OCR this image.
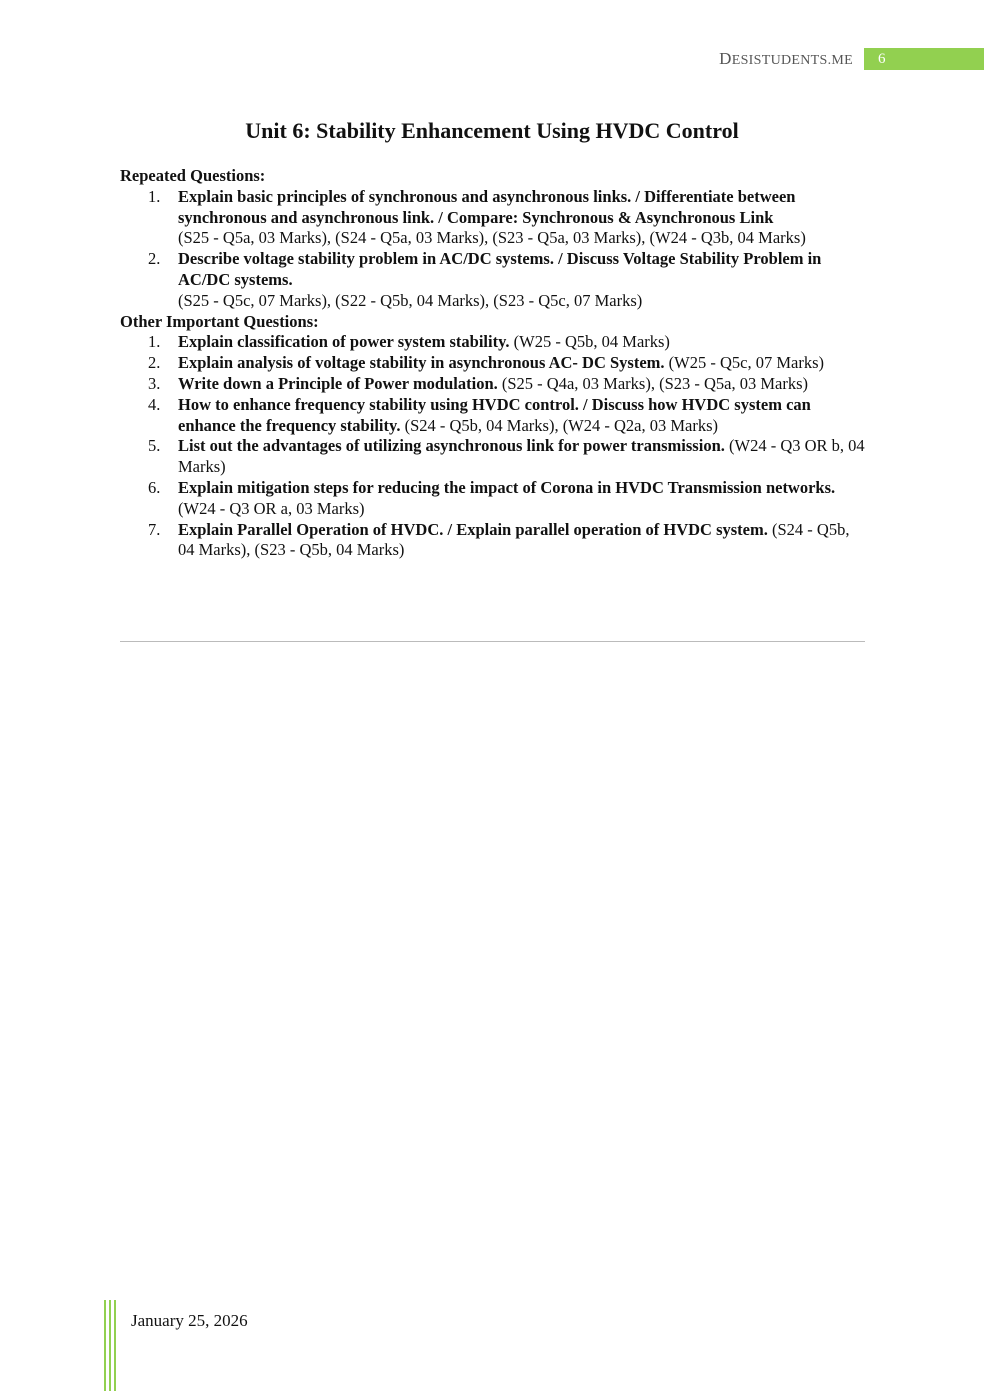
DESISTUDENTS.ME	6
Unit 6: Stability Enhancement Using HVDC Control
Repeated Questions:
1. Explain basic principles of synchronous and asynchronous links. / Differentiate between synchronous and asynchronous link. / Compare: Synchronous & Asynchronous Link
(S25 - Q5a, 03 Marks), (S24 - Q5a, 03 Marks), (S23 - Q5a, 03 Marks), (W24 - Q3b, 04 Marks)
2. Describe voltage stability problem in AC/DC systems. / Discuss Voltage Stability Problem in AC/DC systems.
(S25 - Q5c, 07 Marks), (S22 - Q5b, 04 Marks), (S23 - Q5c, 07 Marks)
Other Important Questions:
1. Explain classification of power system stability. (W25 - Q5b, 04 Marks)
2. Explain analysis of voltage stability in asynchronous AC- DC System. (W25 - Q5c, 07 Marks)
3. Write down a Principle of Power modulation. (S25 - Q4a, 03 Marks), (S23 - Q5a, 03 Marks)
4. How to enhance frequency stability using HVDC control. / Discuss how HVDC system can enhance the frequency stability. (S24 - Q5b, 04 Marks), (W24 - Q2a, 03 Marks)
5. List out the advantages of utilizing asynchronous link for power transmission. (W24 - Q3 OR b, 04 Marks)
6. Explain mitigation steps for reducing the impact of Corona in HVDC Transmission networks. (W24 - Q3 OR a, 03 Marks)
7. Explain Parallel Operation of HVDC. / Explain parallel operation of HVDC system. (S24 - Q5b, 04 Marks), (S23 - Q5b, 04 Marks)
January 25, 2026
